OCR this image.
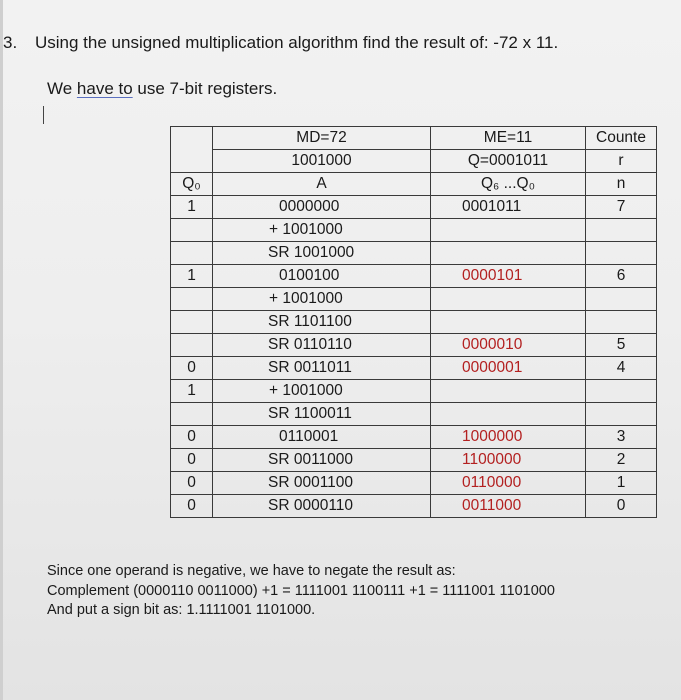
3. Using the unsigned multiplication algorithm find the result of: -72 x 11.
We have to use 7-bit registers.
	MD=72	ME=11	Counte
	1001000	Q=0001011	r
Q₀	A	Q₆ ...Q₀	n
1	0000000	0001011	7
	+ 1001000		
	SR 1001000		
1	0100100	0000101	6
	+ 1001000		
	SR 1101100		
	SR 0110110	0000010	5
0	SR 0011011	0000001	4
1	+ 1001000		
	SR 1100011		
0	0110001	1000000	3
0	SR 0011000	1100000	2
0	SR 0001100	0110000	1
0	SR 0000110	0011000	0
Since one operand is negative, we have to negate the result as:
Complement (0000110 0011000) +1 = 1111001 1100111 +1 = 1111001 1101000
And put a sign bit as: 1.1111001 1101000.
